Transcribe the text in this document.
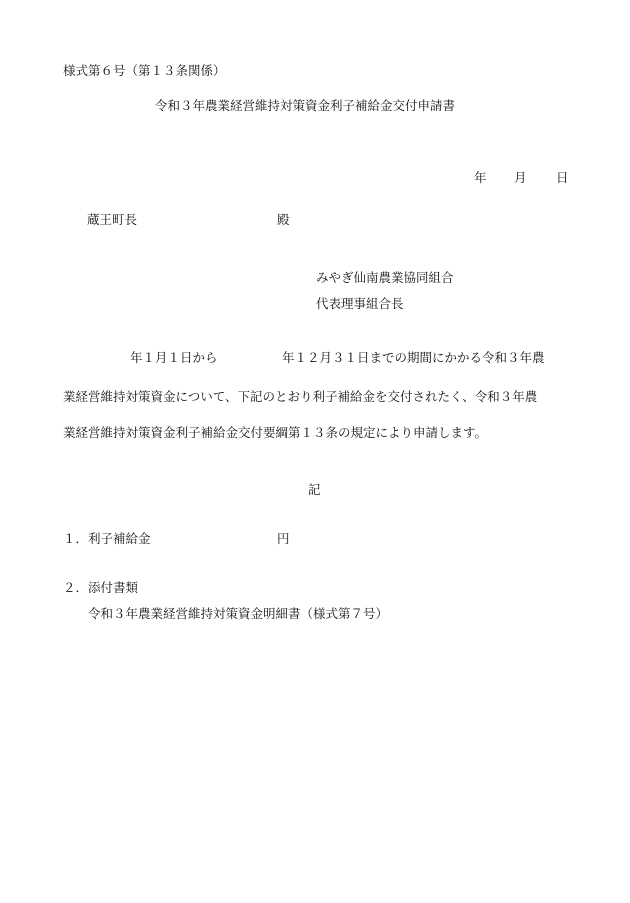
様式第６号（第１３条関係）
令和３年農業経営維持対策資金利子補給金交付申請書
年 月 日
蔵王町長	殿
みやぎ仙南農業協同組合
代表理事組合長
年１月１日から	年１２月３１日までの期間にかかる令和３年農
業経営維持対策資金について、下記のとおり利子補給金を交付されたく、令和３年農
業経営維持対策資金利子補給金交付要綱第１３条の規定により申請します。
記
１．利子補給金	円
２．添付書類
令和３年農業経営維持対策資金明細書（様式第７号）
